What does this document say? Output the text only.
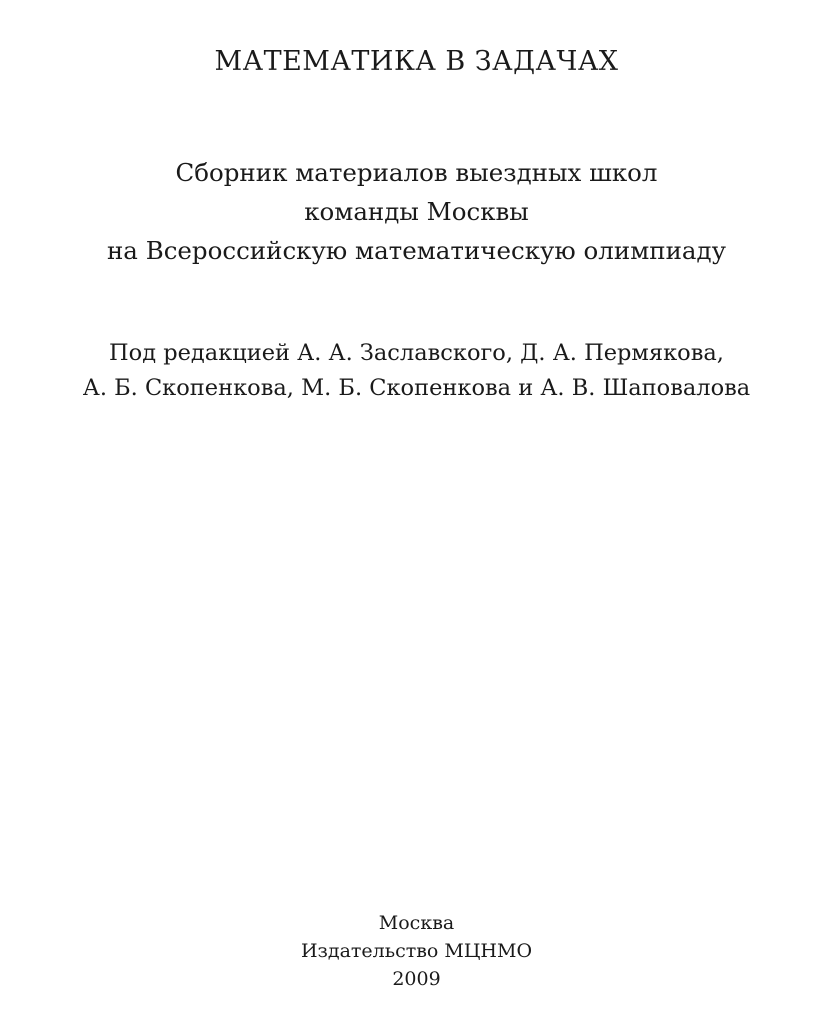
МАТЕМАТИКА В ЗАДАЧАХ
Сборник материалов выездных школ
команды Москвы
на Всероссийскую математическую олимпиаду
Под редакцией А. А. Заславского, Д. А. Пермякова,
А. Б. Скопенкова, М. Б. Скопенкова и А. В. Шаповалова
Москва
Издательство МЦНМО
2009
